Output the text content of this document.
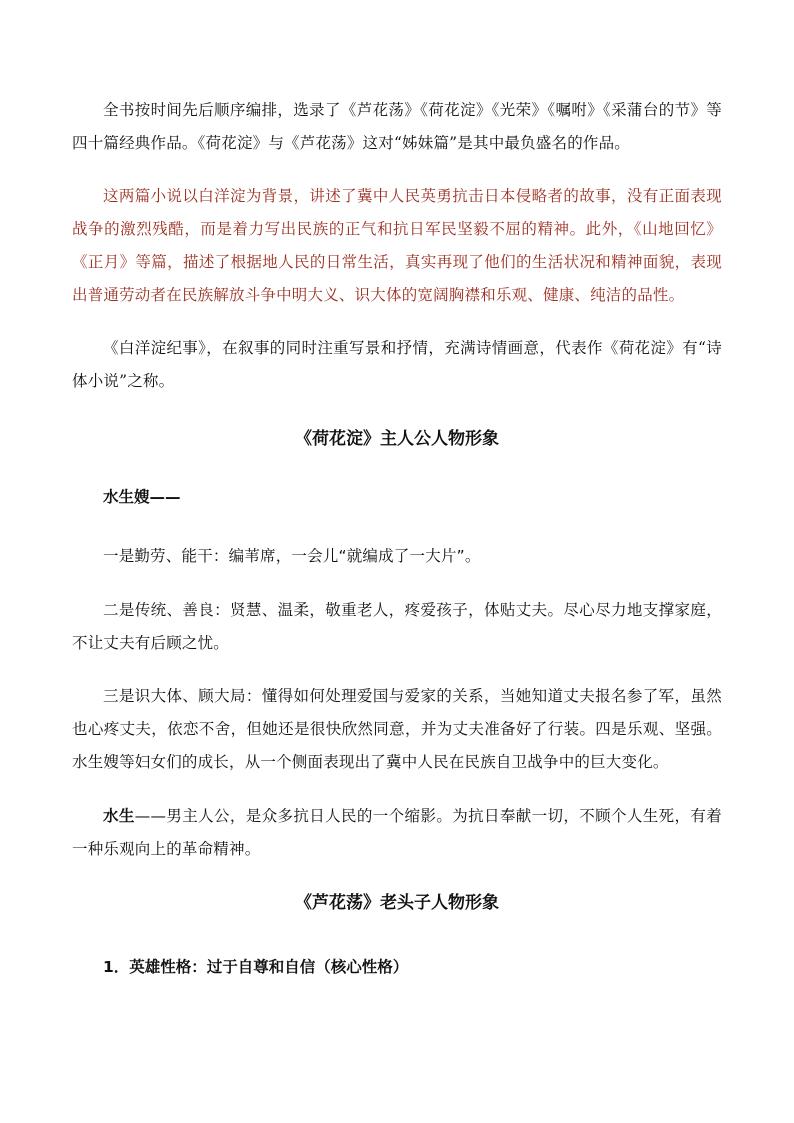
全书按时间先后顺序编排，选录了《芦花荡》《荷花淀》《光荣》《嘱咐》《采蒲台的节》等四十篇经典作品。《荷花淀》与《芦花荡》这对“姊妹篇”是其中最负盛名的作品。

这两篇小说以白洋淀为背景，讲述了冀中人民英勇抗击日本侵略者的故事，没有正面表现战争的激烈残酷，而是着力写出民族的正气和抗日军民坚毅不屈的精神。此外，《山地回忆》《正月》等篇，描述了根据地人民的日常生活，真实再现了他们的生活状况和精神面貌，表现出普通劳动者在民族解放斗争中明大义、识大体的宽阔胸襟和乐观、健康、纯洁的品性。

《白洋淀纪事》，在叙事的同时注重写景和抒情，充满诗情画意，代表作《荷花淀》有“诗体小说”之称。

《荷花淀》主人公人物形象

水生嫂——

一是勤劳、能干：编苇席，一会儿“就编成了一大片”。

二是传统、善良：贤慧、温柔，敬重老人，疼爱孩子，体贴丈夫。尽心尽力地支撑家庭，不让丈夫有后顾之忧。

三是识大体、顾大局：懂得如何处理爱国与爱家的关系，当她知道丈夫报名参了军，虽然也心疼丈夫，依恋不舍，但她还是很快欣然同意，并为丈夫准备好了行装。四是乐观、坚强。水生嫂等妇女们的成长，从一个侧面表现出了冀中人民在民族自卫战争中的巨大变化。

水生——男主人公，是众多抗日人民的一个缩影。为抗日奉献一切，不顾个人生死，有着一种乐观向上的革命精神。

《芦花荡》老头子人物形象

1．英雄性格：过于自尊和自信（核心性格）
